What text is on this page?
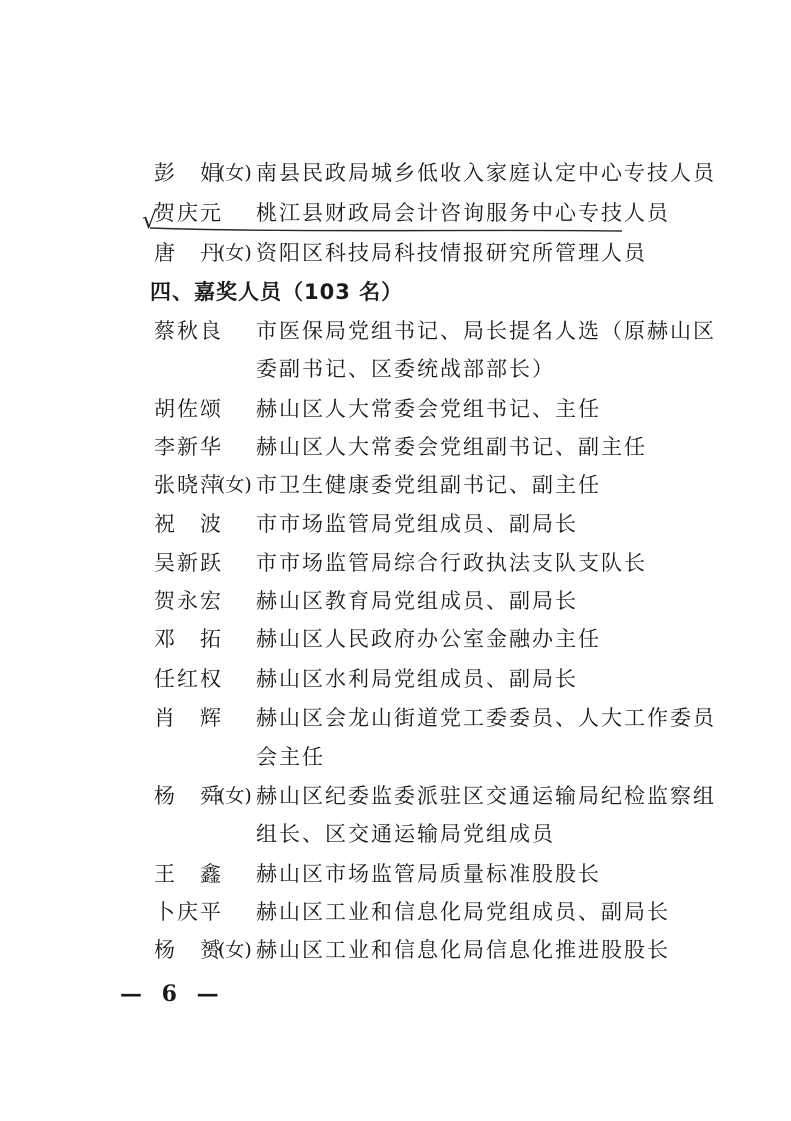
彭　娟
(女) 南县民政局城乡低收入家庭认定中心专技人员
√
贺庆元 桃江县财政局会计咨询服务中心专技人员
唐　丹
(女) 资阳区科技局科技情报研究所管理人员
四、嘉奖人员（103 名）
蔡秋良 市医保局党组书记、局长提名人选（原赫山区
委副书记、区委统战部部长）
胡佐颂 赫山区人大常委会党组书记、主任
李新华 赫山区人大常委会党组副书记、副主任
张晓萍
(女) 市卫生健康委党组副书记、副主任
祝　波 市市场监管局党组成员、副局长
吴新跃 市市场监管局综合行政执法支队支队长
贺永宏 赫山区教育局党组成员、副局长
邓　拓 赫山区人民政府办公室金融办主任
任红权 赫山区水利局党组成员、副局长
肖　辉 赫山区会龙山街道党工委委员、人大工作委员
会主任
杨　舜
(女) 赫山区纪委监委派驻区交通运输局纪检监察组
组长、区交通运输局党组成员
王　鑫 赫山区市场监管局质量标准股股长
卜庆平 赫山区工业和信息化局党组成员、副局长
杨　赟
(女) 赫山区工业和信息化局信息化推进股股长
— 6 —
